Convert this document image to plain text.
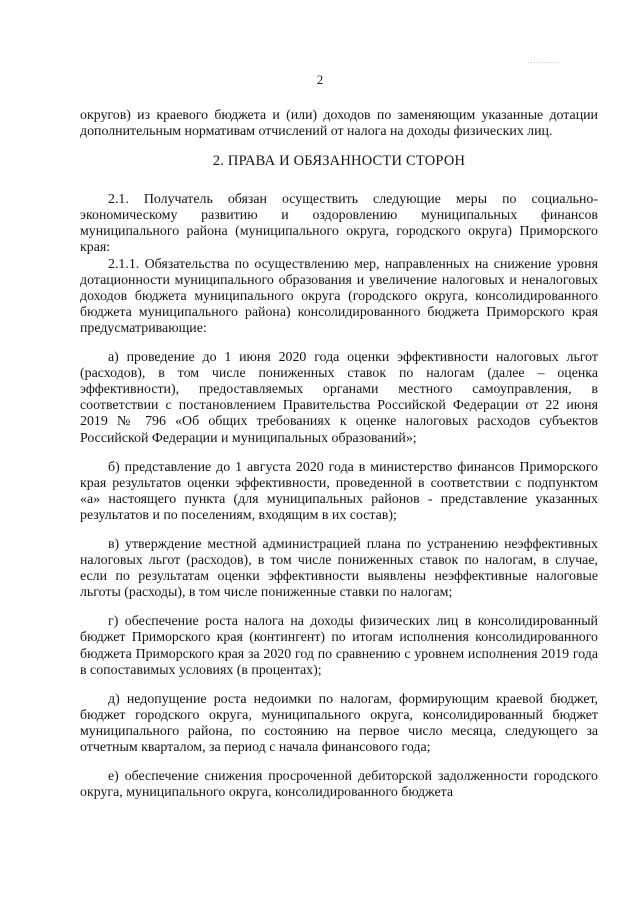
..... .....
2

округов) из краевого бюджета и (или) доходов по заменяющим указанные дотации дополнительным нормативам отчислений от налога на доходы физических лиц.

2. ПРАВА И ОБЯЗАННОСТИ СТОРОН

2.1. Получатель обязан осуществить следующие меры по социально-экономическому развитию и оздоровлению муниципальных финансов муниципального района (муниципального округа, городского округа) Приморского края:

2.1.1. Обязательства по осуществлению мер, направленных на снижение уровня дотационности муниципального образования и увеличение налоговых и неналоговых доходов бюджета муниципального округа (городского округа, консолидированного бюджета муниципального района) консолидированного бюджета Приморского края предусматривающие:

а) проведение до 1 июня 2020 года оценки эффективности налоговых льгот (расходов), в том числе пониженных ставок по налогам (далее – оценка эффективности), предоставляемых органами местного самоуправления, в соответствии с постановлением Правительства Российской Федерации от 22 июня 2019 № 796 «Об общих требованиях к оценке налоговых расходов субъектов Российской Федерации и муниципальных образований»;

б) представление до 1 августа 2020 года в министерство финансов Приморского края результатов оценки эффективности, проведенной в соответствии с подпунктом «а» настоящего пункта (для муниципальных районов - представление указанных результатов и по поселениям, входящим в их состав);

в) утверждение местной администрацией плана по устранению неэффективных налоговых льгот (расходов), в том числе пониженных ставок по налогам, в случае, если по результатам оценки эффективности выявлены неэффективные налоговые льготы (расходы), в том числе пониженные ставки по налогам;

г) обеспечение роста налога на доходы физических лиц в консолидированный бюджет Приморского края (контингент) по итогам исполнения консолидированного бюджета Приморского края за 2020 год по сравнению с уровнем исполнения 2019 года в сопоставимых условиях (в процентах);

д) недопущение роста недоимки по налогам, формирующим краевой бюджет, бюджет городского округа, муниципального округа, консолидированный бюджет муниципального района, по состоянию на первое число месяца, следующего за отчетным кварталом, за период с начала финансового года;

е) обеспечение снижения просроченной дебиторской задолженности городского округа, муниципального округа, консолидированного бюджета
